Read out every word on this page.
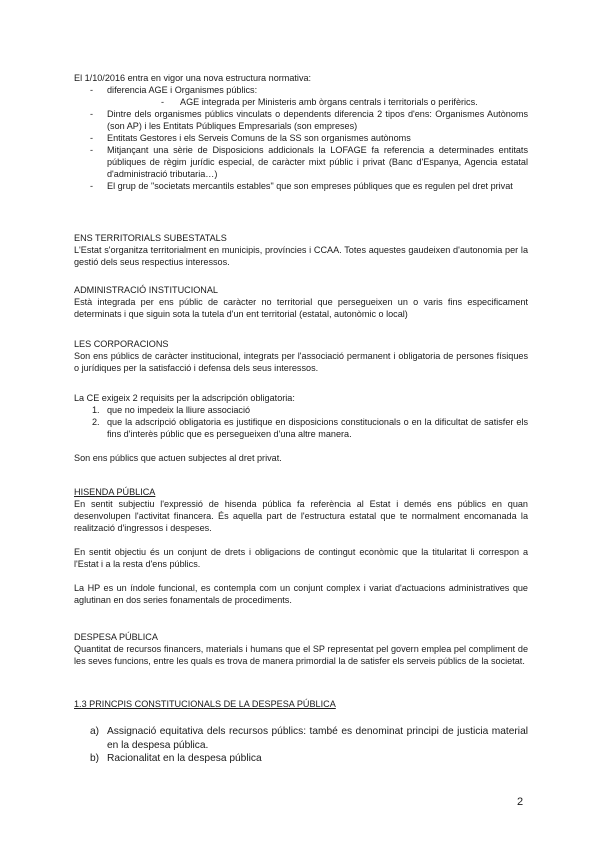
El 1/10/2016 entra en vigor una nova estructura normativa:

- diferencia AGE i Organismes públics:
- AGE integrada per Ministeris amb òrgans centrals i territorials o perifèrics.
- Dintre dels organismes públics vinculats o dependents diferencia 2 tipos d'ens: Organismes Autònoms (son AP) i les Entitats Públiques Empresarials (son empreses)
- Entitats Gestores i els Serveis Comuns de la SS son organismes autònoms
- Mitjançant una sèrie de Disposicions addicionals la LOFAGE fa referencia a determinades entitats públiques de règim jurídic especial, de caràcter mixt públic i privat (Banc d'Espanya, Agencia estatal d'administració tributaria…)
- El grup de "societats mercantils estables" que son empreses públiques que es regulen pel dret privat

ENS TERRITORIALS SUBESTATALS

L'Estat s'organitza territorialment en municipis, províncies i CCAA. Totes aquestes gaudeixen d'autonomia per la gestió dels seus respectius interessos.

ADMINISTRACIÓ INSTITUCIONAL

Està integrada per ens públic de caràcter no territorial que persegueixen un o varis fins especificament determinats i que siguin sota la tutela d'un ent territorial (estatal, autonòmic o local)

LES CORPORACIONS

Son ens públics de caràcter institucional, integrats per l'associació permanent i obligatoria de persones físiques o jurídiques per la satisfacció i defensa dels seus interessos.

La CE exigeix 2 requisits per la adscripción obligatoria:

1. que no impedeix la lliure associació
2. que la adscripció obligatoria es justifique en disposicions constitucionals o en la dificultat de satisfer els fins d'interès públic que es persegueixen d'una altre manera.

Son ens públics que actuen subjectes al dret privat.

HISENDA PÚBLICA

En sentit subjectiu l'expressió de hisenda pública fa referència al Estat i demés ens públics en quan desenvolupen l'activitat financera. És aquella part de l'estructura estatal que te normalment encomanada la realització d'ingressos i despeses.

En sentit objectiu és un conjunt de drets i obligacions de contingut econòmic que la titularitat li correspon a l'Estat i a la resta d'ens públics.

La HP es un índole funcional, es contempla com un conjunt complex i variat d'actuacions administratives que aglutinan en dos series fonamentals de procediments.

DESPESA PÚBLICA

Quantitat de recursos financers, materials i humans que el SP representat pel govern emplea pel compliment de les seves funcions, entre les quals es trova de manera primordial la de satisfer els serveis públics de la societat.

1.3 PRINCPIS CONSTITUCIONALS DE LA DESPESA PÚBLICA

a) Assignació equitativa dels recursos públics: també es denominat principi de justicia material en la despesa pública.
b) Racionalitat en la despesa pública
2
